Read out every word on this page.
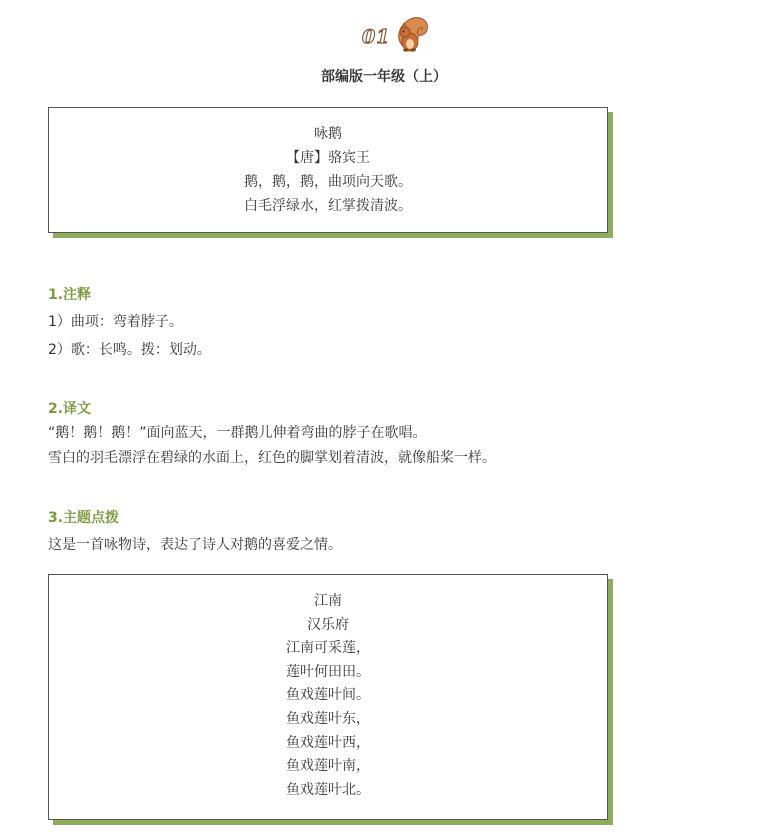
01
部编版一年级（上）
咏鹅
【唐】骆宾王
鹅，鹅，鹅，曲项向天歌。
白毛浮绿水，红掌拨清波。
1.注释
1）曲项：弯着脖子。
2）歌：长鸣。拨：划动。
2.译文
“鹅！鹅！鹅！”面向蓝天，一群鹅儿伸着弯曲的脖子在歌唱。
雪白的羽毛漂浮在碧绿的水面上，红色的脚掌划着清波，就像船桨一样。
3.主题点拨
这是一首咏物诗，表达了诗人对鹅的喜爱之情。
江南
汉乐府
江南可采莲，
莲叶何田田。
鱼戏莲叶间。
鱼戏莲叶东，
鱼戏莲叶西，
鱼戏莲叶南，
鱼戏莲叶北。
